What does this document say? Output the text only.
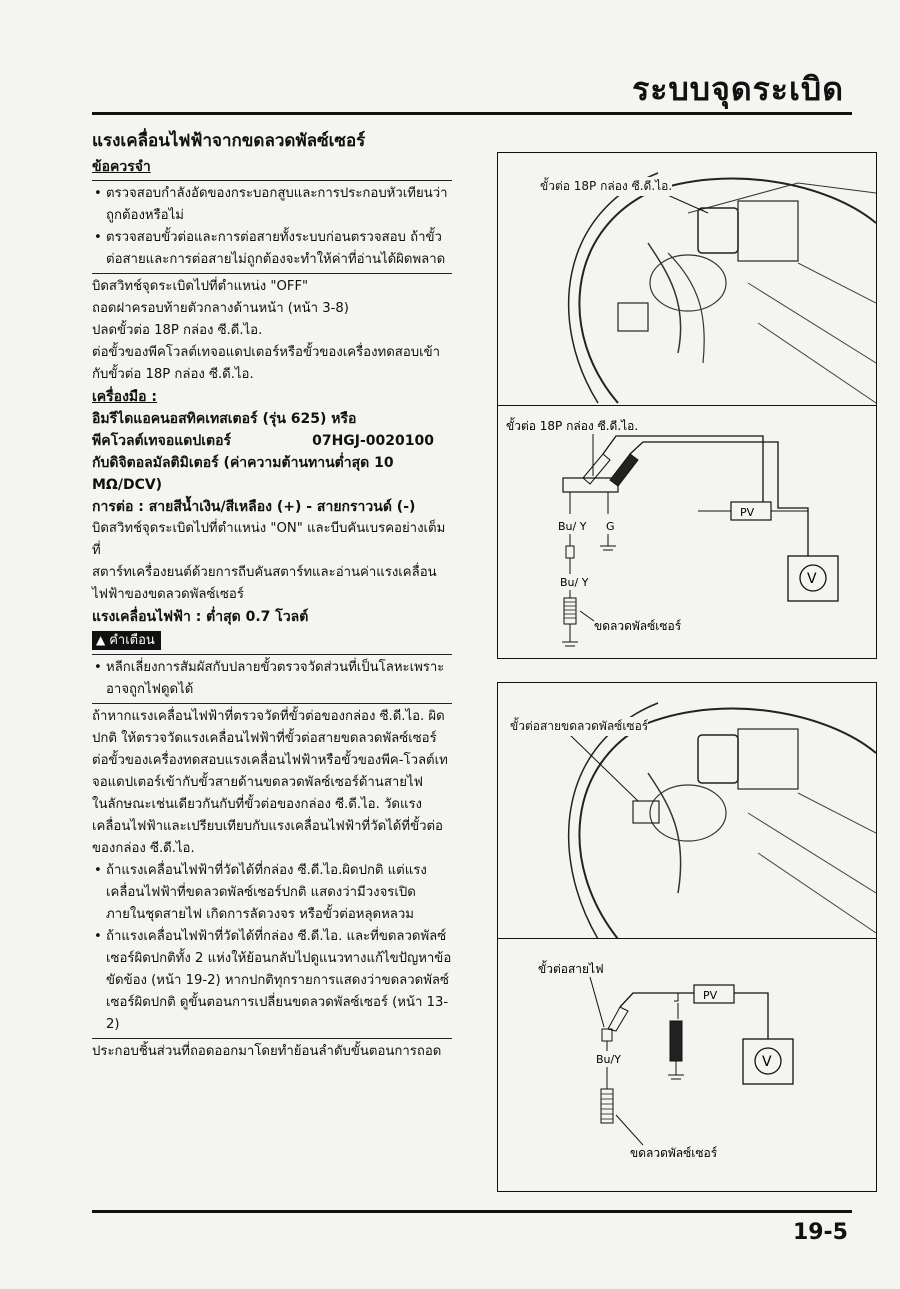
ระบบจุดระเบิด
แรงเคลื่อนไฟฟ้าจากขดลวดพัลซ์เซอร์
ข้อควรจำ
• ตรวจสอบกำลังอัดของกระบอกสูบและการประกอบหัวเทียนว่าถูกต้องหรือไม่
• ตรวจสอบขั้วต่อและการต่อสายทั้งระบบก่อนตรวจสอบ ถ้าขั้วต่อสายและการต่อสายไม่ถูกต้องจะทำให้ค่าที่อ่านได้ผิดพลาด
บิดสวิทช์จุดระเบิดไปที่ตำแหน่ง "OFF"
ถอดฝาครอบท้ายตัวกลางด้านหน้า (หน้า 3-8)
ปลดขั้วต่อ 18P กล่อง ซี.ดี.ไอ.
ต่อขั้วของพีคโวลต์เทจอแดปเตอร์หรือขั้วของเครื่องทดสอบเข้ากับขั้วต่อ 18P กล่อง ซี.ดี.ไอ.
เครื่องมือ :
อิมรีไดแอคนอสทิคเทสเตอร์ (รุ่น 625) หรือ
พีคโวลต์เทจอแดปเตอร์	07HGJ-0020100
กับดิจิตอลมัลติมิเตอร์ (ค่าความต้านทานต่ำสุด 10 MΩ/DCV)
การต่อ : สายสีน้ำเงิน/สีเหลือง (+) - สายกราวนด์ (-)
บิดสวิทช์จุดระเบิดไปที่ตำแหน่ง "ON" และบีบคันเบรคอย่างเต็มที่
สตาร์ทเครื่องยนต์ด้วยการถีบคันสตาร์ทและอ่านค่าแรงเคลื่อนไฟฟ้าของขดลวดพัลซ์เซอร์
แรงเคลื่อนไฟฟ้า : ต่ำสุด 0.7 โวลต์
▲ คำเตือน
• หลีกเลี่ยงการสัมผัสกับปลายขั้วตรวจวัดส่วนที่เป็นโลหะเพราะอาจถูกไฟดูดได้
ถ้าหากแรงเคลื่อนไฟฟ้าที่ตรวจวัดที่ขั้วต่อของกล่อง ซี.ดี.ไอ. ผิดปกติ ให้ตรวจวัดแรงเคลื่อนไฟฟ้าที่ขั้วต่อสายขดลวดพัลซ์เซอร์
ต่อขั้วของเครื่องทดสอบแรงเคลื่อนไฟฟ้าหรือขั้วของพีค-โวลต์เทจอแดปเตอร์เข้ากับขั้วสายด้านขดลวดพัลซ์เซอร์ด้านสายไฟ
ในลักษณะเช่นเดียวกันกับที่ขั้วต่อของกล่อง ซี.ดี.ไอ. วัดแรงเคลื่อนไฟฟ้าและเปรียบเทียบกับแรงเคลื่อนไฟฟ้าที่วัดได้ที่ขั้วต่อของกล่อง ซี.ดี.ไอ.
• ถ้าแรงเคลื่อนไฟฟ้าที่วัดได้ที่กล่อง ซี.ดี.ไอ.ผิดปกติ แต่แรงเคลื่อนไฟฟ้าที่ขดลวดพัลซ์เซอร์ปกติ แสดงว่ามีวงจรเปิดภายในชุดสายไฟ เกิดการลัดวงจร หรือขั้วต่อหลุดหลวม
• ถ้าแรงเคลื่อนไฟฟ้าที่วัดได้ที่กล่อง ซี.ดี.ไอ. และที่ขดลวดพัลซ์เซอร์ผิดปกติทั้ง 2 แห่งให้ย้อนกลับไปดูแนวทางแก้ไขปัญหาข้อขัดข้อง (หน้า 19-2) หากปกติทุกรายการแสดงว่าขดลวดพัลซ์เซอร์ผิดปกติ ดูขั้นตอนการเปลี่ยนขดลวดพัลซ์เซอร์ (หน้า 13-2)
ประกอบชิ้นส่วนที่ถอดออกมาโดยทำย้อนลำดับขั้นตอนการถอด
ขั้วต่อ 18P กล่อง ซี.ดี.ไอ.
ขั้วต่อ 18P กล่อง ซี.ดี.ไอ.
PV
V
Bu/ Y G
Bu/ Y
ขดลวดพัลซ์เซอร์
ขั้วต่อสายขดลวดพัลซ์เซอร์
ขั้วต่อสายไฟ
PV
V
Bu/Y
ขดลวดพัลซ์เซอร์
19-5
